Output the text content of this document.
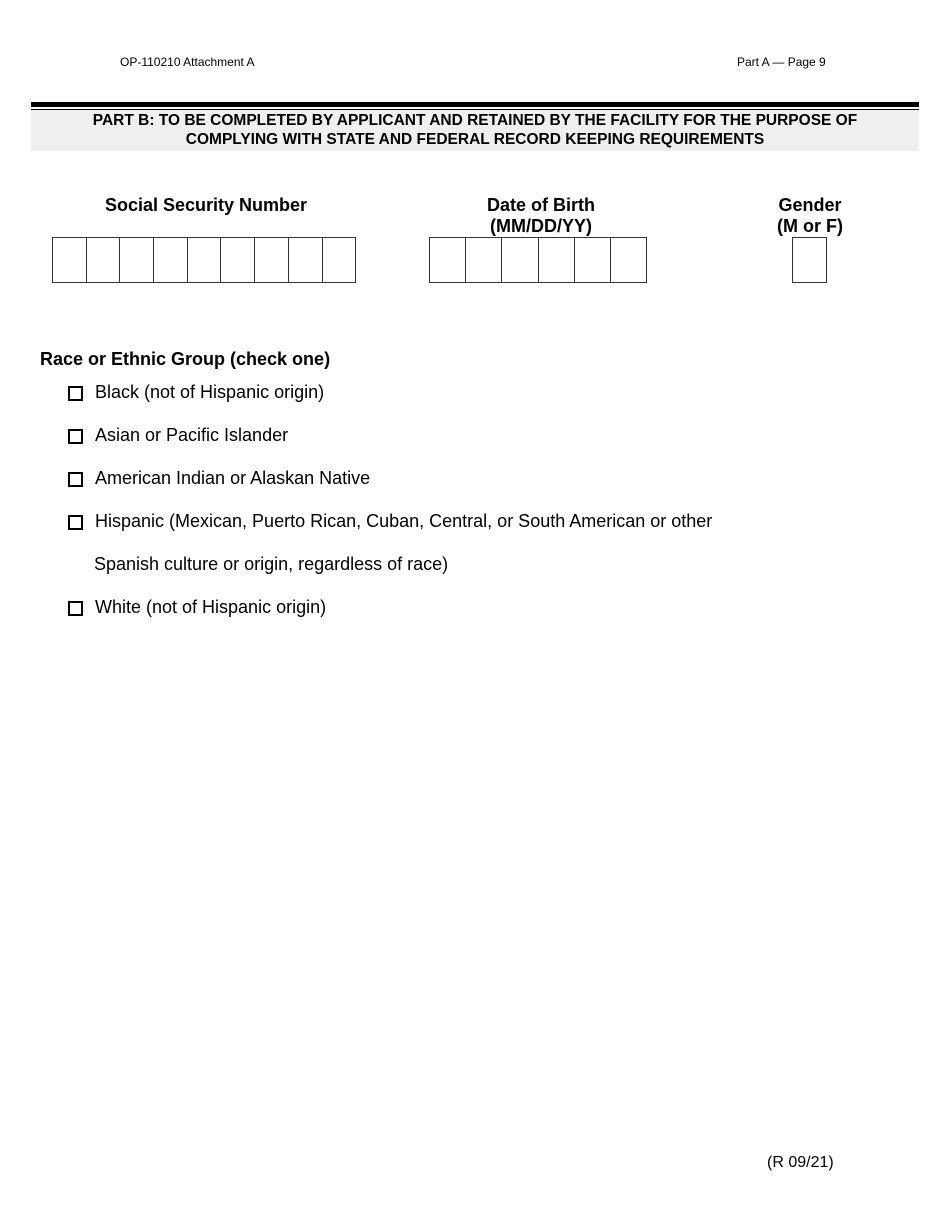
OP-110210 Attachment A	Part A — Page 9
PART B: TO BE COMPLETED BY APPLICANT AND RETAINED BY THE FACILITY FOR THE PURPOSE OF
COMPLYING WITH STATE AND FEDERAL RECORD KEEPING REQUIREMENTS
Social Security Number	Date of Birth
(MM/DD/YY)
Gender
(M or F)
Race or Ethnic Group (check one)
Black (not of Hispanic origin)
Asian or Pacific Islander
American Indian or Alaskan Native
Hispanic (Mexican, Puerto Rican, Cuban, Central, or South American or other
Spanish culture or origin, regardless of race)
White (not of Hispanic origin)
(R 09/21)
